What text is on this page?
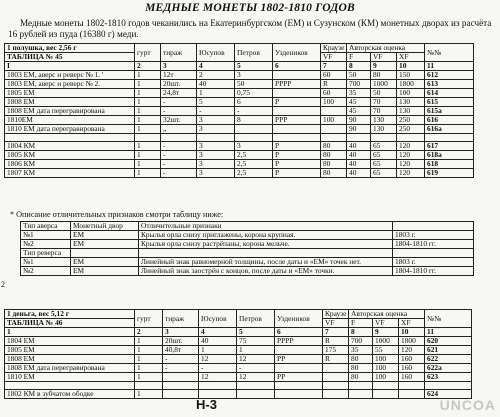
МЕДНЫЕ МОНЕТЫ 1802-1810 ГОДОВ
Медные монеты 1802-1810 годов чеканились на Екатеринбургском (ЕМ) и Сузунском (КМ) монетных дворах из расчёта 16 рублей из пуда (16380 г) меди.
1 полушка, вес 2,56 г	гурт	тираж	Юсупов	Петров	Уздеников	Краузе	Авторская оценка			№№
ТАБЛИЦА № 45						VF	F	VF	XF	
I	2	3	4	5	6	7	8	9	10	11
1803 ЕМ, аверс и реверс № 1. '	1	12т	2	3		60	50	80	150	612
1803 ЕМ, аверс и реверс № 2.	1	20шт.	40	50	РРРР	R	700	1000	1800	613
1805 ЕМ	1	24,8т	1	0,75		60	35	50	100	614
1808 ЕМ	1	-	5	6	Р	100	45	70	130	615
1808 ЕМ дата перегравирована	1	-	-	-			45	70	130	615a
1810ЕМ	1	32шт.	3	8	РРР	100	90	130	250	616
1810 ЕМ дата перегравирована	1	„	3				90	130	250	616a

1804 КМ	1	-	3	3	Р	80	40	65	120	617
1805 КМ	1	-	3	2,5	Р	80	40	65	120	618a
1806 КМ	1	-	3	2,5	Р	80	40	65	120	618
1807 КМ	1	-	3	2,5	Р	80	40	65	120	619
* Описание отличительных признаков смотри таблицу ниже:
Тип аверса	Монетный двор	Отличительные признаки	
№1	ЕМ	Крылья орла снизу приглажены, корона крупная.	1803 г.
№2	ЕМ	Крылья орла снизу растрёпаны, корона мельче.	1804-1810 гг.
Тип реверса			
№1	ЕМ	Линейный знак равномерной толщины, после даты и «ЕМ» точек нет.	1803 г.
№2	ЕМ	Линейный знак заострён с концов, после даты и «ЕМ» точки.	1804-1810 гг.
2
1 деньга, вес 5,12 г	гурт	тираж	Юсупов	Петров	Уздеников	Краузе	Авторская оценка			№№
ТАБЛИЦА № 46						VF	F	VF	XF	
1	2	3	4	5	6	7	8	9	10	11
1804 ЕМ	1	20шт.	40	75	РРРР	R	700	1000	1800	620
1805 ЕМ	1	40,8т	1	1		175	35	55	120	621
1808 ЕМ	1	-	12	12	РР	R	80	100	160	622
1808 ЕМ дата перегравирована	1	-	-	-			80	100	160	622a
1810 ЕМ	1		12	12	РР		80	100	160	623

1802 КМ в зубчатом ободке	1									624
Н-3	UNCOA
